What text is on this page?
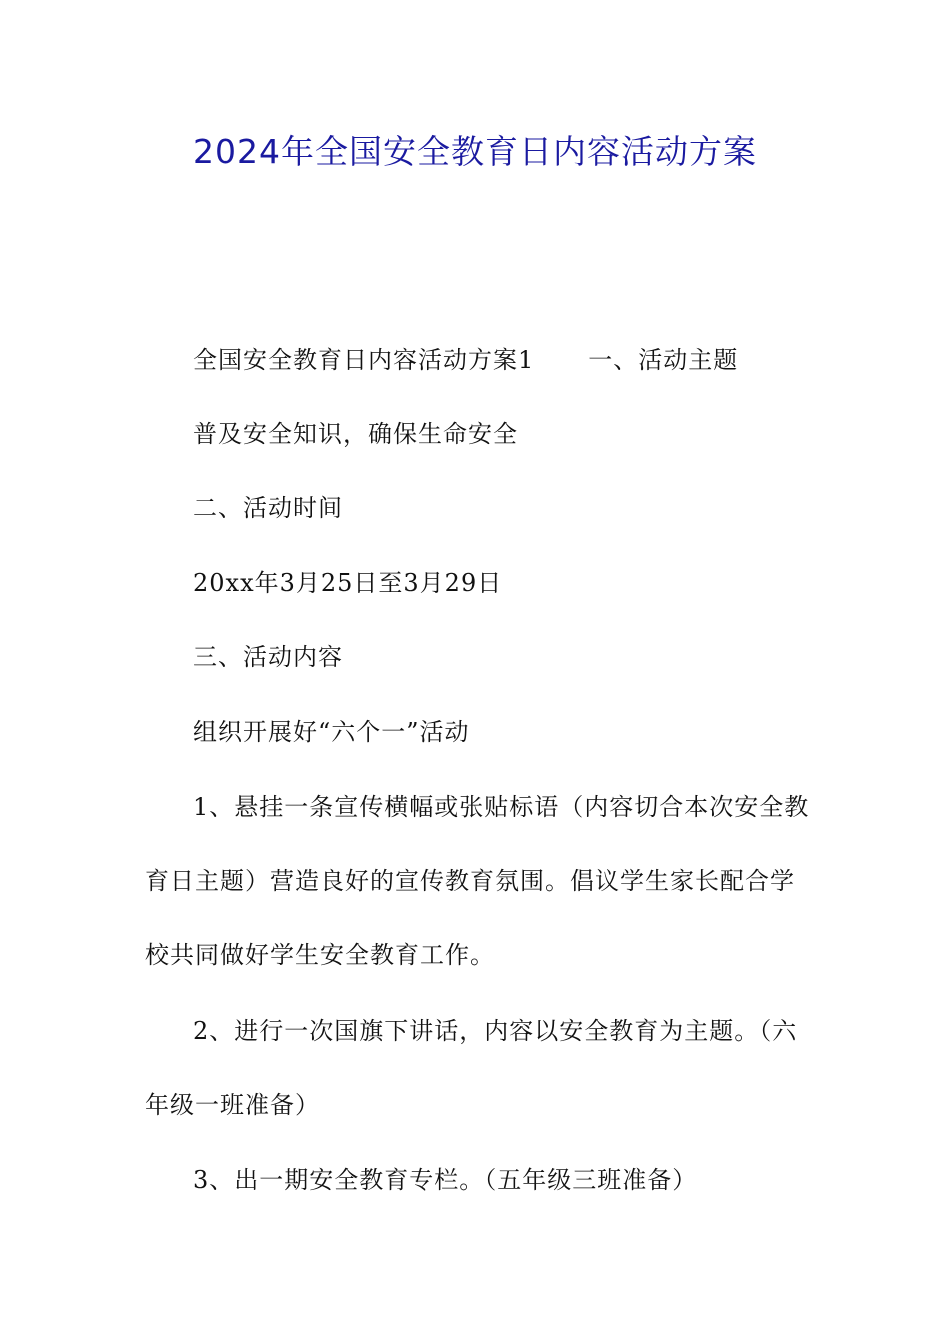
2024年全国安全教育日内容活动方案
全国安全教育日内容活动方案1 一、活动主题
普及安全知识，确保生命安全
二、活动时间
20xx年3月25日至3月29日
三、活动内容
组织开展好“六个一”活动
1、悬挂一条宣传横幅或张贴标语（内容切合本次安全教育日主题）营造良好的宣传教育氛围。倡议学生家长配合学校共同做好学生安全教育工作。
2、进行一次国旗下讲话，内容以安全教育为主题。（六年级一班准备）
3、出一期安全教育专栏。（五年级三班准备）
